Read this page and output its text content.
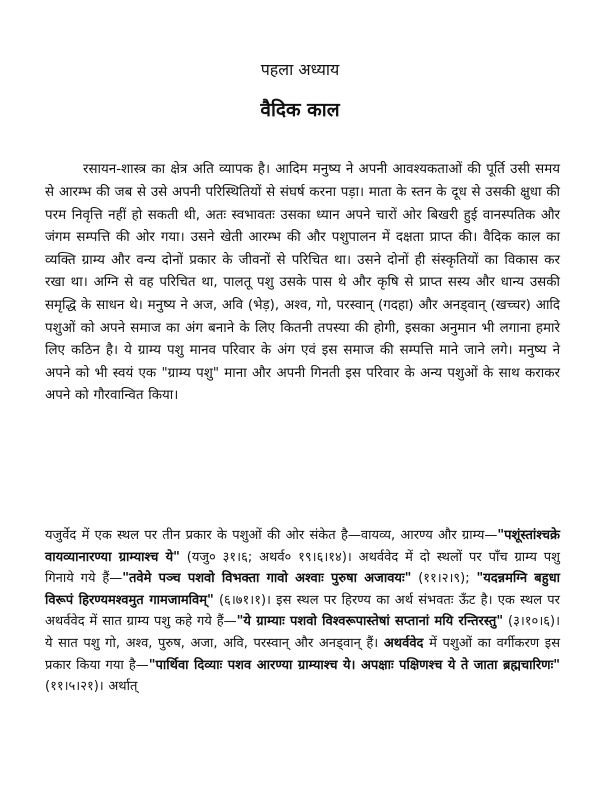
पहला अध्याय
वैदिक काल

रसायन-शास्त्र का क्षेत्र अति व्यापक है। आदिम मनुष्य ने अपनी आवश्यकताओं की पूर्ति उसी समय से आरम्भ की जब से उसे अपनी परिस्थितियों से संघर्ष करना पड़ा। माता के स्तन के दूध से उसकी क्षुधा की परम निवृत्ति नहीं हो सकती थी, अतः स्वभावतः उसका ध्यान अपने चारों ओर बिखरी हुई वानस्पतिक और जंगम सम्पत्ति की ओर गया। उसने खेती आरम्भ की और पशुपालन में दक्षता प्राप्त की। वैदिक काल का व्यक्ति ग्राम्य और वन्य दोनों प्रकार के जीवनों से परिचित था। उसने दोनों ही संस्कृतियों का विकास कर रखा था। अग्नि से वह परिचित था, पालतू पशु उसके पास थे और कृषि से प्राप्त सस्य और धान्य उसकी समृद्धि के साधन थे। मनुष्य ने अज, अवि (भेड़), अश्व, गो, परस्वान् (गदहा) और अनड्वान् (खच्चर) आदि पशुओं को अपने समाज का अंग बनाने के लिए कितनी तपस्या की होगी, इसका अनुमान भी लगाना हमारे लिए कठिन है। ये ग्राम्य पशु मानव परिवार के अंग एवं इस समाज की सम्पत्ति माने जाने लगे। मनुष्य ने अपने को भी स्वयं एक "ग्राम्य पशु" माना और अपनी गिनती इस परिवार के अन्य पशुओं के साथ कराकर अपने को गौरवान्वित किया।

यजुर्वेद में एक स्थल पर तीन प्रकार के पशुओं की ओर संकेत है—वायव्य, आरण्य और ग्राम्य—"पशूंस्तांश्चक्रे वायव्यानारण्या ग्राम्याश्च ये" (यजु० ३१।६; अथर्व० १९।६।१४)। अथर्ववेद में दो स्थलों पर पाँच ग्राम्य पशु गिनाये गये हैं—"तवेमे पञ्च पशवो विभक्ता गावो अश्वाः पुरुषा अजावयः" (११।२।९); "यदन्नमग्नि बहुधा विरूपं हिरण्यमश्वमुत गामजामविम्" (६।७१।१)। इस स्थल पर हिरण्य का अर्थ संभवतः ऊँट है। एक स्थल पर अथर्ववेद में सात ग्राम्य पशु कहे गये हैं—"ये ग्राम्याः पशवो विश्वरूपास्तेषां सप्तानां मयि रन्तिरस्तु" (३।१०।६)। ये सात पशु गो, अश्व, पुरुष, अजा, अवि, परस्वान् और अनड्वान् हैं। अथर्ववेद में पशुओं का वर्गीकरण इस प्रकार किया गया है—"पार्थिवा दिव्याः पशव आरण्या ग्राम्याश्च ये। अपक्षाः पक्षिणश्च ये ते जाता ब्रह्मचारिणः" (११।५।२१)। अर्थात्
